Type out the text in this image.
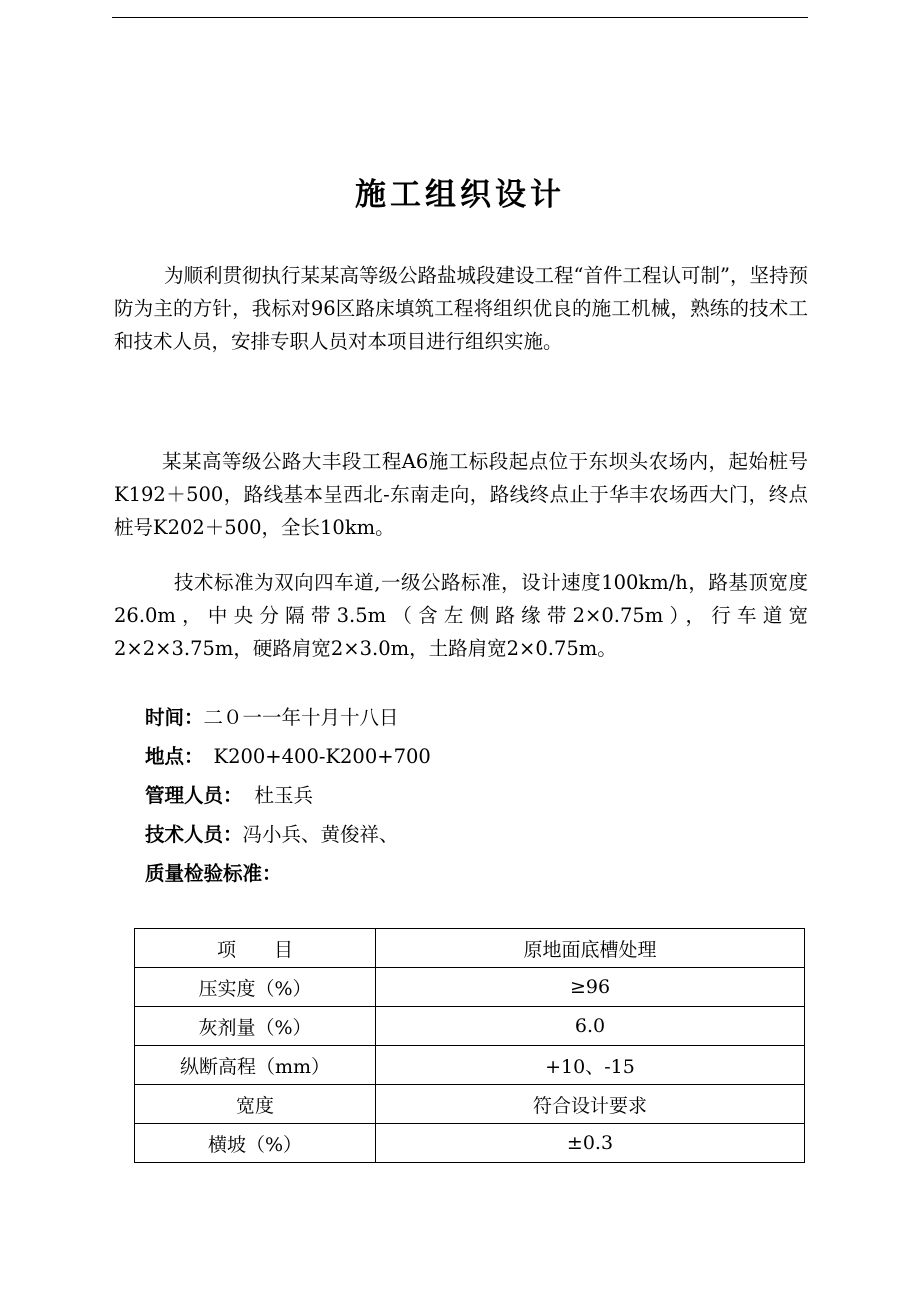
施工组织设计

为顺利贯彻执行某某高等级公路盐城段建设工程“首件工程认可制”，坚持预防为主的方针，我标对96区路床填筑工程将组织优良的施工机械，熟练的技术工和技术人员，安排专职人员对本项目进行组织实施。

某某高等级公路大丰段工程A6施工标段起点位于东坝头农场内，起始桩号K192＋500，路线基本呈西北-东南走向，路线终点止于华丰农场西大门，终点桩号K202＋500，全长10km。

技术标准为双向四车道,一级公路标准，设计速度100km/h，路基顶宽度26.0m，中央分隔带3.5m（含左侧路缘带2×0.75m），行车道宽2×2×3.75m，硬路肩宽2×3.0m，土路肩宽2×0.75m。

时间：二０一一年十月十八日
地点： K200+400-K200+700
管理人员： 杜玉兵
技术人员：冯小兵、黄俊祥、
质量检验标准：
项　　目	原地面底槽处理
压实度（%）	≥96
灰剂量（%）	6.0
纵断高程（mm）	+10、-15
宽度	符合设计要求
横坡（%）	±0.3
